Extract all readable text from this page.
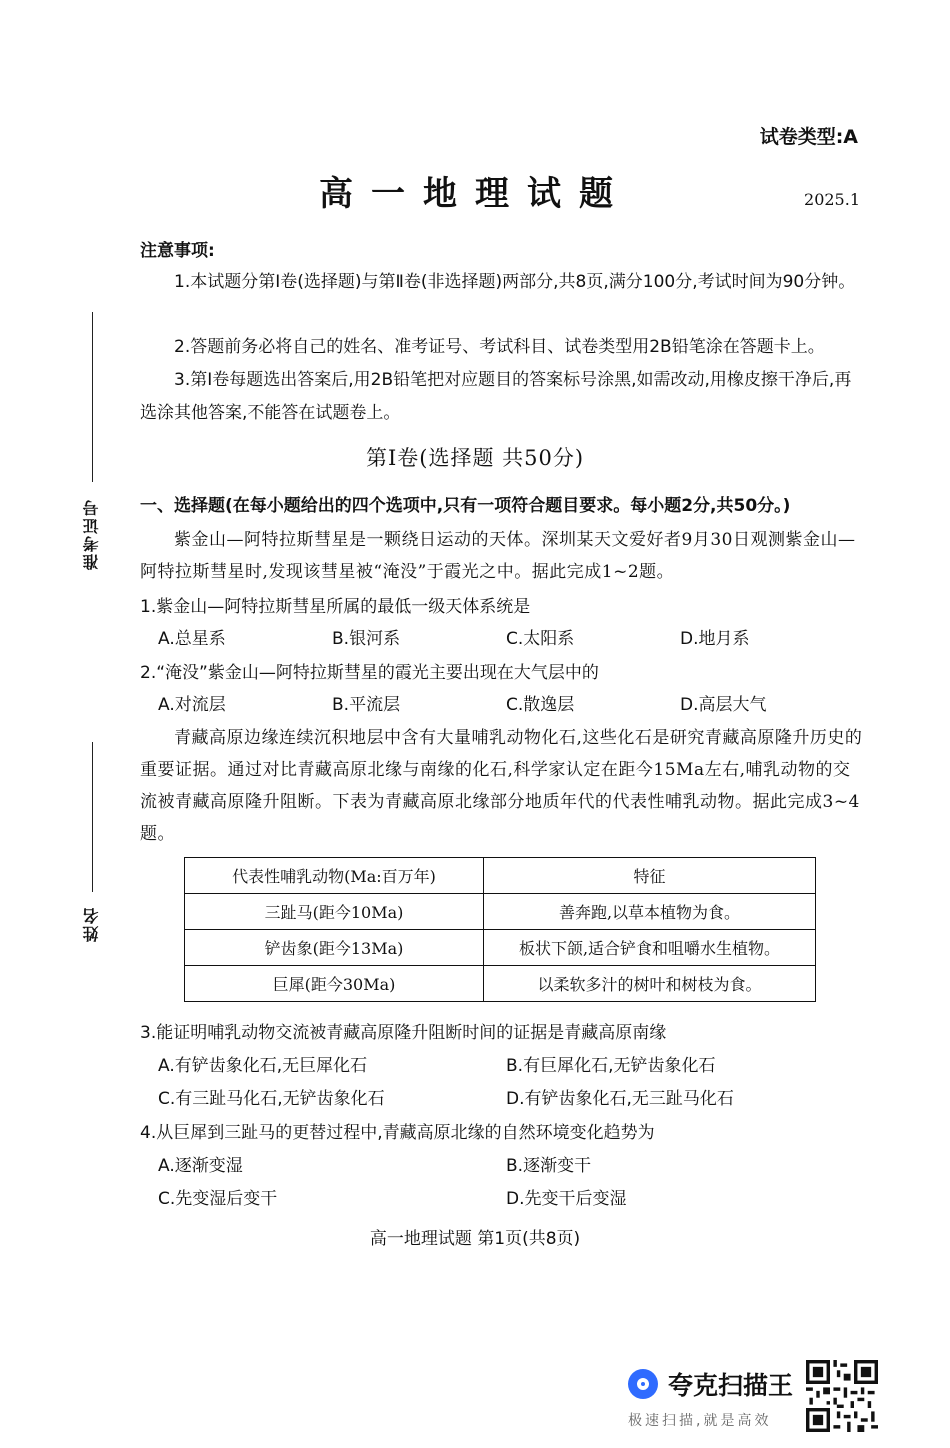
试卷类型:A
高一地理试题	2025.1
准考证号
姓名
注意事项:
1.本试题分第Ⅰ卷(选择题)与第Ⅱ卷(非选择题)两部分,共8页,满分100分,考试时间为90分钟。
2.答题前务必将自己的姓名、准考证号、考试科目、试卷类型用2B铅笔涂在答题卡上。
3.第Ⅰ卷每题选出答案后,用2B铅笔把对应题目的答案标号涂黑,如需改动,用橡皮擦干净后,再选涂其他答案,不能答在试题卷上。
第Ⅰ卷(选择题 共50分)
一、选择题(在每小题给出的四个选项中,只有一项符合题目要求。每小题2分,共50分。)
紫金山—阿特拉斯彗星是一颗绕日运动的天体。深圳某天文爱好者9月30日观测紫金山—阿特拉斯彗星时,发现该彗星被“淹没”于霞光之中。据此完成1~2题。
1.紫金山—阿特拉斯彗星所属的最低一级天体系统是
A.总星系	B.银河系	C.太阳系	D.地月系
2.“淹没”紫金山—阿特拉斯彗星的霞光主要出现在大气层中的
A.对流层	B.平流层	C.散逸层	D.高层大气
青藏高原边缘连续沉积地层中含有大量哺乳动物化石,这些化石是研究青藏高原隆升历史的重要证据。通过对比青藏高原北缘与南缘的化石,科学家认定在距今15Ma左右,哺乳动物的交流被青藏高原隆升阻断。下表为青藏高原北缘部分地质年代的代表性哺乳动物。据此完成3~4题。
代表性哺乳动物(Ma:百万年)	特征
三趾马(距今10Ma)	善奔跑,以草本植物为食。
铲齿象(距今13Ma)	板状下颌,适合铲食和咀嚼水生植物。
巨犀(距今30Ma)	以柔软多汁的树叶和树枝为食。
3.能证明哺乳动物交流被青藏高原隆升阻断时间的证据是青藏高原南缘
A.有铲齿象化石,无巨犀化石	B.有巨犀化石,无铲齿象化石
C.有三趾马化石,无铲齿象化石	D.有铲齿象化石,无三趾马化石
4.从巨犀到三趾马的更替过程中,青藏高原北缘的自然环境变化趋势为
A.逐渐变湿	B.逐渐变干
C.先变湿后变干	D.先变干后变湿
高一地理试题 第1页(共8页)
夸克扫描王
极速扫描,就是高效
